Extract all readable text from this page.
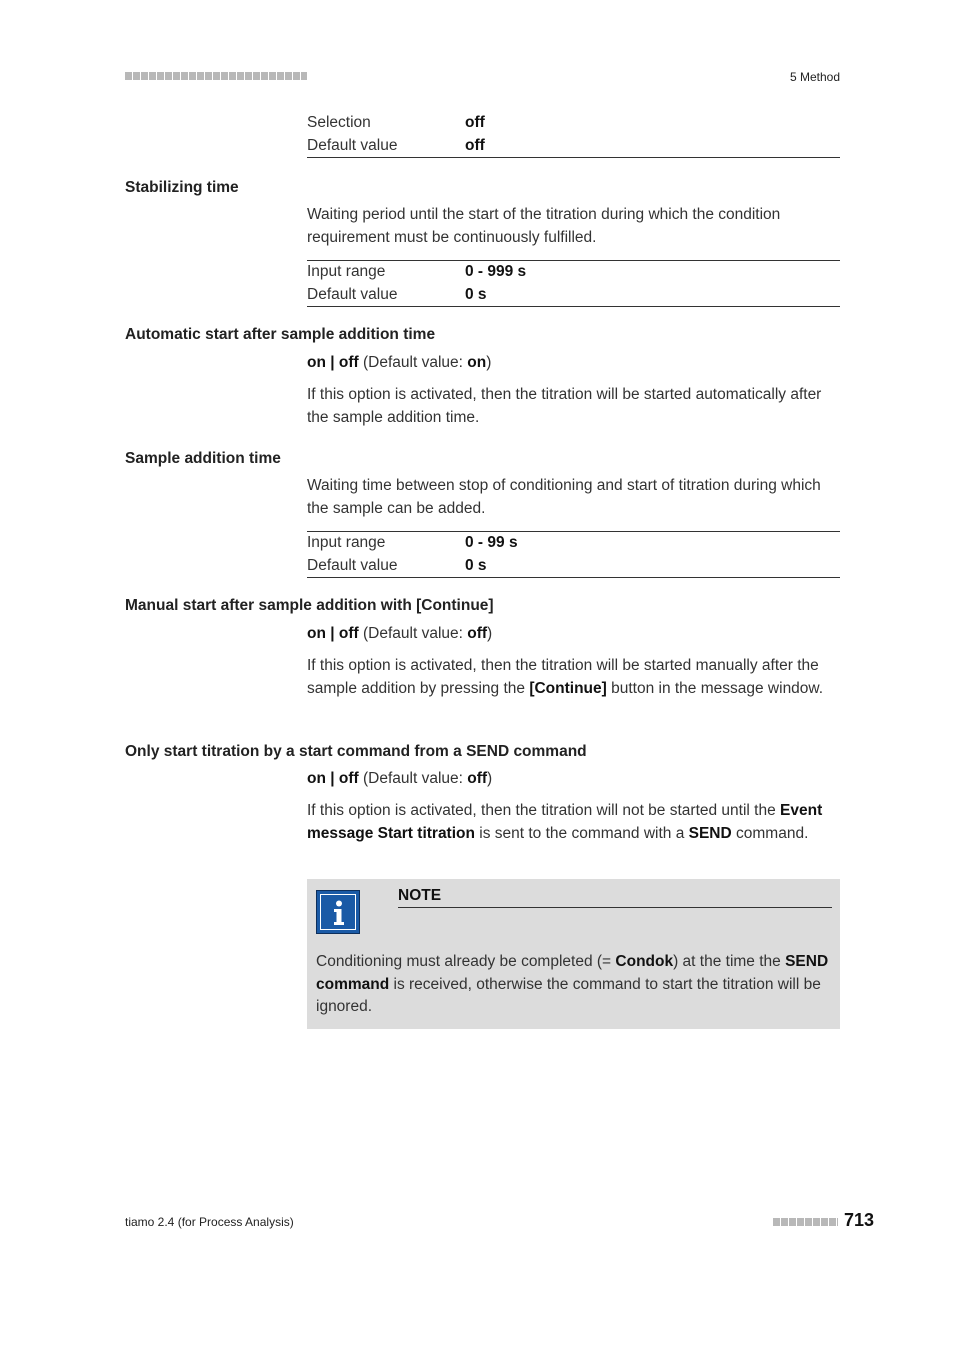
5 Method
Selection	off
Default value	off
Stabilizing time
Waiting period until the start of the titration during which the condition requirement must be continuously fulfilled.
Input range	0 - 999 s
Default value	0 s
Automatic start after sample addition time
on | off (Default value: on)
If this option is activated, then the titration will be started automatically after the sample addition time.
Sample addition time
Waiting time between stop of conditioning and start of titration during which the sample can be added.
Input range	0 - 99 s
Default value	0 s
Manual start after sample addition with [Continue]
on | off (Default value: off)
If this option is activated, then the titration will be started manually after the sample addition by pressing the [Continue] button in the message window.
Only start titration by a start command from a SEND command
on | off (Default value: off)
If this option is activated, then the titration will not be started until the Event message Start titration is sent to the command with a SEND command.
NOTE
Conditioning must already be completed (= Condok) at the time the SEND command is received, otherwise the command to start the titration will be ignored.
tiamo 2.4 (for Process Analysis)	713
